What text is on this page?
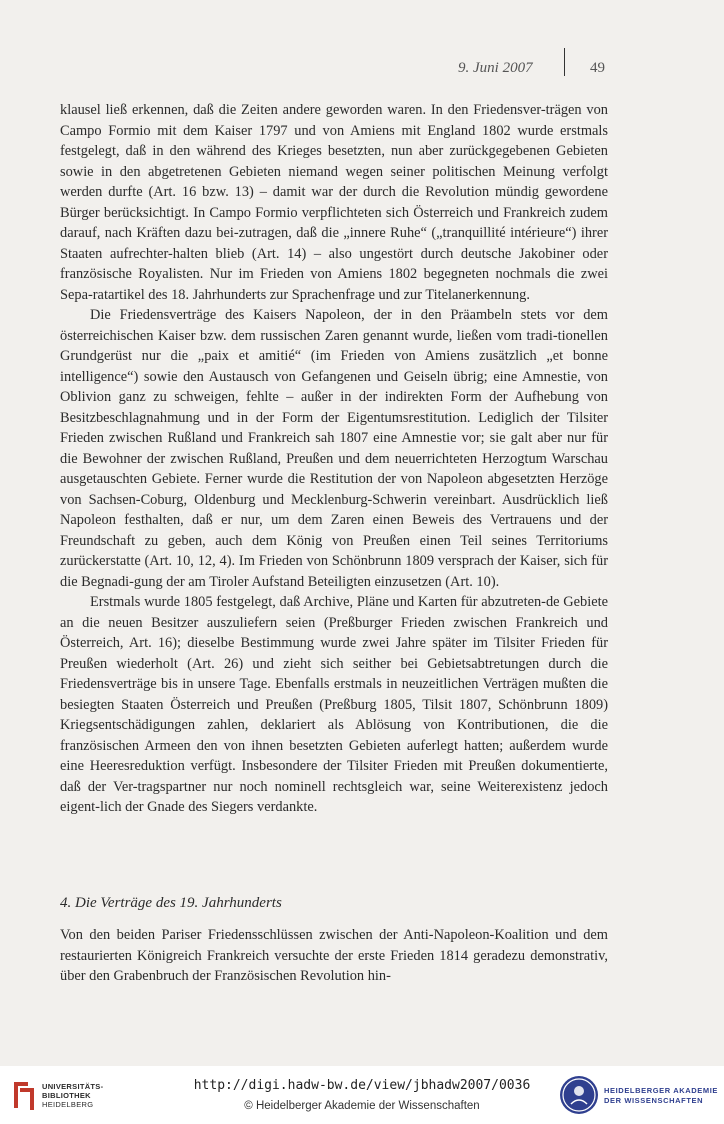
9. Juni 2007	49

klausel ließ erkennen, daß die Zeiten andere geworden waren. In den Friedensver-trägen von Campo Formio mit dem Kaiser 1797 und von Amiens mit England 1802 wurde erstmals festgelegt, daß in den während des Krieges besetzten, nun aber zurückgegebenen Gebieten sowie in den abgetretenen Gebieten niemand wegen seiner politischen Meinung verfolgt werden durfte (Art. 16 bzw. 13) – damit war der durch die Revolution mündig gewordene Bürger berücksichtigt. In Campo Formio verpflichteten sich Österreich und Frankreich zudem darauf, nach Kräften dazu bei-zutragen, daß die „innere Ruhe“ („tranquillité intérieure“) ihrer Staaten aufrechter-halten blieb (Art. 14) – also ungestört durch deutsche Jakobiner oder französische Royalisten. Nur im Frieden von Amiens 1802 begegneten nochmals die zwei Sepa-ratartikel des 18. Jahrhunderts zur Sprachenfrage und zur Titelanerkennung.

Die Friedensverträge des Kaisers Napoleon, der in den Präambeln stets vor dem österreichischen Kaiser bzw. dem russischen Zaren genannt wurde, ließen vom tradi-tionellen Grundgerüst nur die „paix et amitié“ (im Frieden von Amiens zusätzlich „et bonne intelligence“) sowie den Austausch von Gefangenen und Geiseln übrig; eine Amnestie, von Oblivion ganz zu schweigen, fehlte – außer in der indirekten Form der Aufhebung von Besitzbeschlagnahmung und in der Form der Eigentumsrestitution. Lediglich der Tilsiter Frieden zwischen Rußland und Frankreich sah 1807 eine Amnestie vor; sie galt aber nur für die Bewohner der zwischen Rußland, Preußen und dem neuerrichteten Herzogtum Warschau ausgetauschten Gebiete. Ferner wurde die Restitution der von Napoleon abgesetzten Herzöge von Sachsen-Coburg, Oldenburg und Mecklenburg-Schwerin vereinbart. Ausdrücklich ließ Napoleon festhalten, daß er nur, um dem Zaren einen Beweis des Vertrauens und der Freundschaft zu geben, auch dem König von Preußen einen Teil seines Territoriums zurückerstatte (Art. 10, 12, 4). Im Frieden von Schönbrunn 1809 versprach der Kaiser, sich für die Begnadi-gung der am Tiroler Aufstand Beteiligten einzusetzen (Art. 10).

Erstmals wurde 1805 festgelegt, daß Archive, Pläne und Karten für abzutreten-de Gebiete an die neuen Besitzer auszuliefern seien (Preßburger Frieden zwischen Frankreich und Österreich, Art. 16); dieselbe Bestimmung wurde zwei Jahre später im Tilsiter Frieden für Preußen wiederholt (Art. 26) und zieht sich seither bei Gebietsabtretungen durch die Friedensverträge bis in unsere Tage. Ebenfalls erstmals in neuzeitlichen Verträgen mußten die besiegten Staaten Österreich und Preußen (Preßburg 1805, Tilsit 1807, Schönbrunn 1809) Kriegsentschädigungen zahlen, deklariert als Ablösung von Kontributionen, die die französischen Armeen den von ihnen besetzten Gebieten auferlegt hatten; außerdem wurde eine Heeresreduktion verfügt. Insbesondere der Tilsiter Frieden mit Preußen dokumentierte, daß der Ver-tragspartner nur noch nominell rechtsgleich war, seine Weiterexistenz jedoch eigent-lich der Gnade des Siegers verdankte.

4. Die Verträge des 19. Jahrhunderts

Von den beiden Pariser Friedensschlüssen zwischen der Anti-Napoleon-Koalition und dem restaurierten Königreich Frankreich versuchte der erste Frieden 1814 geradezu demonstrativ, über den Grabenbruch der Französischen Revolution hin-

UNIVERSITÄTS-
BIBLIOTHEK
HEIDELBERG
http://digi.hadw-bw.de/view/jbhadw2007/0036
© Heidelberger Akademie der Wissenschaften
HEIDELBERGER AKADEMIE
DER WISSENSCHAFTEN
